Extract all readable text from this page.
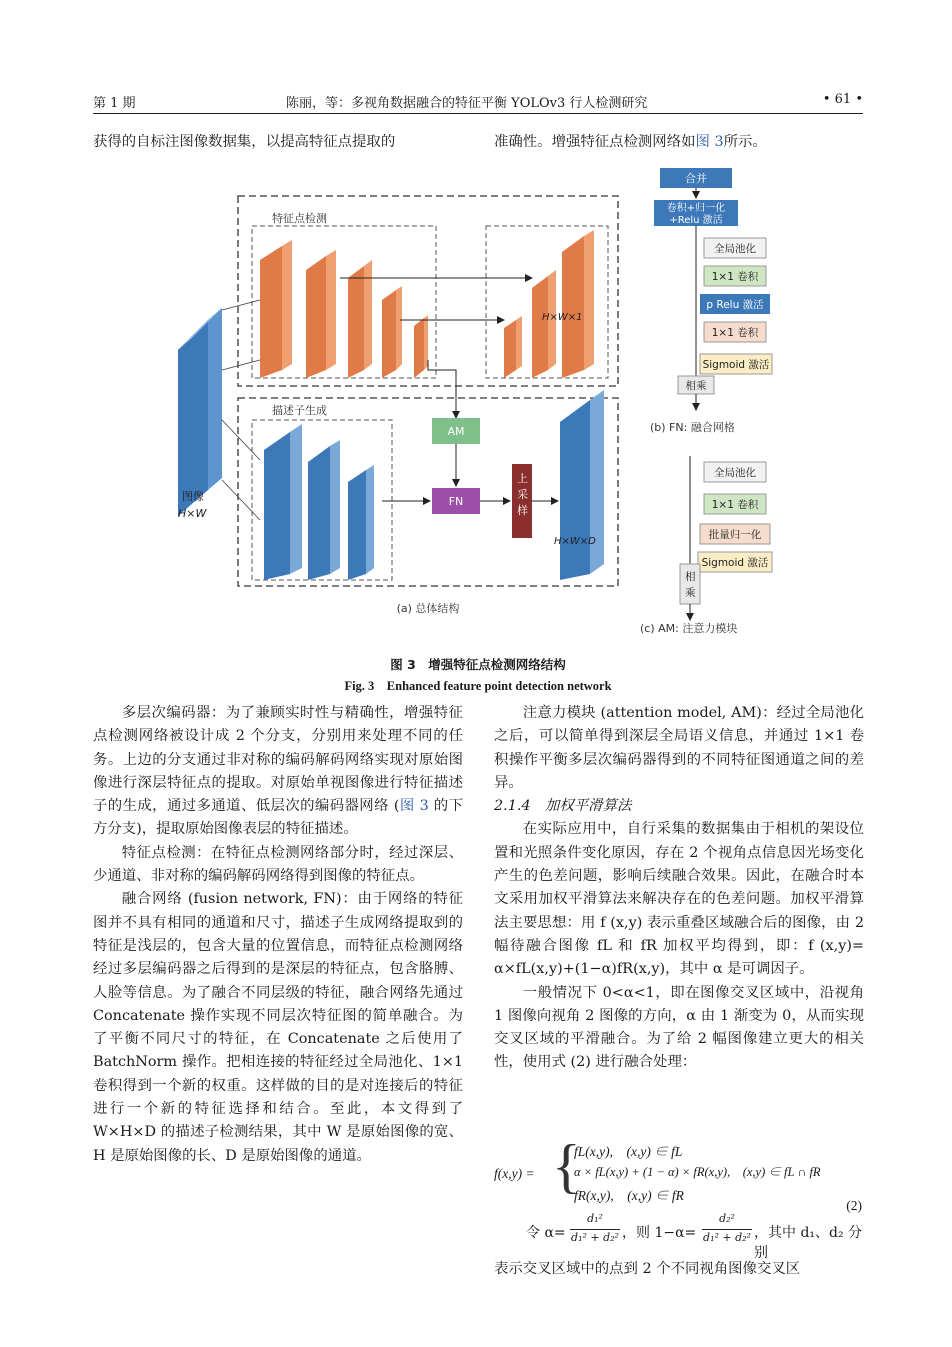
第 1 期	陈丽，等：多视角数据融合的特征平衡 YOLOv3 行人检测研究	• 61 •

获得的自标注图像数据集，以提高特征点提取的	准确性。增强特征点检测网络如图 3所示。

图像
H×W
特征点检测
描述子生成
H×W×1
AM
FN
上采样
H×W×D
(a) 总体结构
合并
卷积+归一化
+Relu 激活
全局池化
1×1 卷积
p Relu 激活
1×1 卷积
Sigmoid 激活
相乘
(b) FN: 融合网格
全局池化
1×1 卷积
批量归一化
Sigmoid 激活
相乘
(c) AM: 注意力模块
图 3　增强特征点检测网络结构
Fig. 3　Enhanced feature point detection network

多层次编码器：为了兼顾实时性与精确性，增强特征点检测网络被设计成 2 个分支，分别用来处理不同的任务。上边的分支通过非对称的编码解码网络实现对原始图像进行深层特征点的提取。对原始单视图像进行特征描述子的生成，通过多通道、低层次的编码器网络 (图 3 的下方分支)，提取原始图像表层的特征描述。

特征点检测：在特征点检测网络部分时，经过深层、少通道、非对称的编码解码网络得到图像的特征点。

融合网络 (fusion network, FN)：由于网络的特征图并不具有相同的通道和尺寸，描述子生成网络提取到的特征是浅层的，包含大量的位置信息，而特征点检测网络经过多层编码器之后得到的是深层的特征点，包含胳膊、人脸等信息。为了融合不同层级的特征，融合网络先通过 Concatenate 操作实现不同层次特征图的简单融合。为了平衡不同尺寸的特征，在 Concatenate 之后使用了 BatchNorm 操作。把相连接的特征经过全局池化、1×1 卷积得到一个新的权重。这样做的目的是对连接后的特征进行一个新的特征选择和结合。至此，本文得到了 W×H×D 的描述子检测结果，其中 W 是原始图像的宽、H 是原始图像的长、D 是原始图像的通道。

注意力模块 (attention model, AM)：经过全局池化之后，可以简单得到深层全局语义信息，并通过 1×1 卷积操作平衡多层次编码器得到的不同特征图通道之间的差异。

2.1.4　加权平滑算法

在实际应用中，自行采集的数据集由于相机的架设位置和光照条件变化原因，存在 2 个视角点信息因光场变化产生的色差问题，影响后续融合效果。因此，在融合时本文采用加权平滑算法来解决存在的色差问题。加权平滑算法主要思想：用 f (x,y) 表示重叠区域融合后的图像，由 2 幅待融合图像 fL 和 fR 加权平均得到，即：f (x,y)= α×fL(x,y)+(1−α)fR(x,y)，其中 α 是可调因子。

一般情况下 0<α<1，即在图像交叉区域中，沿视角 1 图像向视角 2 图像的方向，α 由 1 渐变为 0，从而实现交叉区域的平滑融合。为了给 2 幅图像建立更大的相关性，使用式 (2) 进行融合处理：

f(x,y) = {
fL(x,y),　(x,y) ∈ fL
α × fL(x,y) + (1 − α) × fR(x,y),　(x,y) ∈ fL ∩ fR
fR(x,y),　(x,y) ∈ fR
(2)
令 α=
d₁²
d₁² + d₂² ，则 1−α=
d₂²
d₁² + d₂² ，其中 d₁、d₂ 分别

表示交叉区域中的点到 2 个不同视角图像交叉区
